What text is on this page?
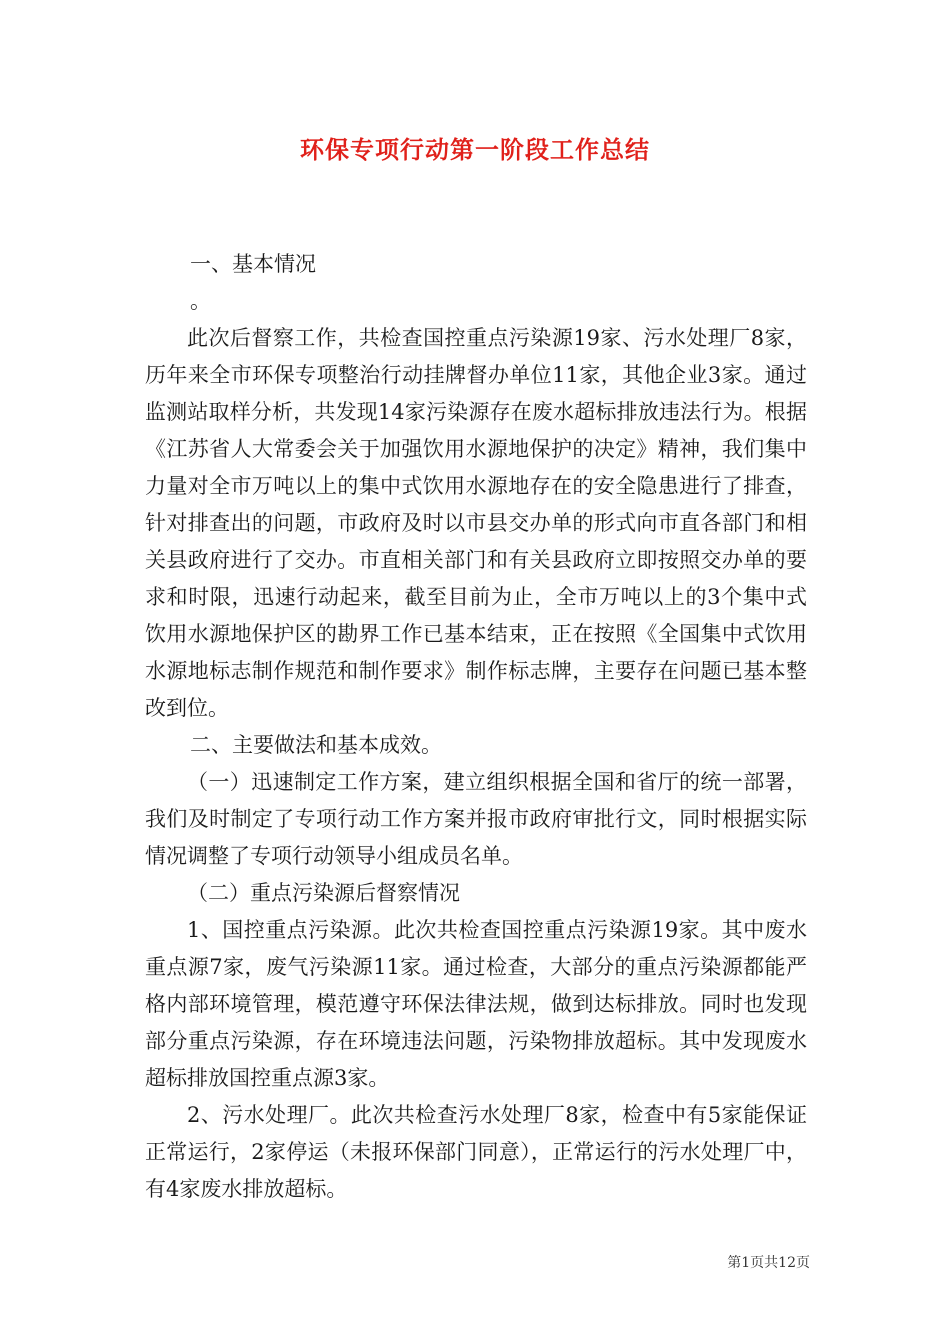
环保专项行动第一阶段工作总结

一、基本情况

。

此次后督察工作，共检查国控重点污染源19家、污水处理厂8家，历年来全市环保专项整治行动挂牌督办单位11家，其他企业3家。通过监测站取样分析，共发现14家污染源存在废水超标排放违法行为。根据《江苏省人大常委会关于加强饮用水源地保护的决定》精神，我们集中力量对全市万吨以上的集中式饮用水源地存在的安全隐患进行了排查，针对排查出的问题，市政府及时以市县交办单的形式向市直各部门和相关县政府进行了交办。市直相关部门和有关县政府立即按照交办单的要求和时限，迅速行动起来，截至目前为止，全市万吨以上的3个集中式饮用水源地保护区的勘界工作已基本结束，正在按照《全国集中式饮用水源地标志制作规范和制作要求》制作标志牌，主要存在问题已基本整改到位。

二、主要做法和基本成效。

（一）迅速制定工作方案，建立组织根据全国和省厅的统一部署，我们及时制定了专项行动工作方案并报市政府审批行文，同时根据实际情况调整了专项行动领导小组成员名单。

（二）重点污染源后督察情况

1、国控重点污染源。此次共检查国控重点污染源19家。其中废水重点源7家，废气污染源11家。通过检查，大部分的重点污染源都能严格内部环境管理，模范遵守环保法律法规，做到达标排放。同时也发现部分重点污染源，存在环境违法问题，污染物排放超标。其中发现废水超标排放国控重点源3家。

2、污水处理厂。此次共检查污水处理厂8家，检查中有5家能保证正常运行，2家停运（未报环保部门同意），正常运行的污水处理厂中，有4家废水排放超标。

第1页共12页
